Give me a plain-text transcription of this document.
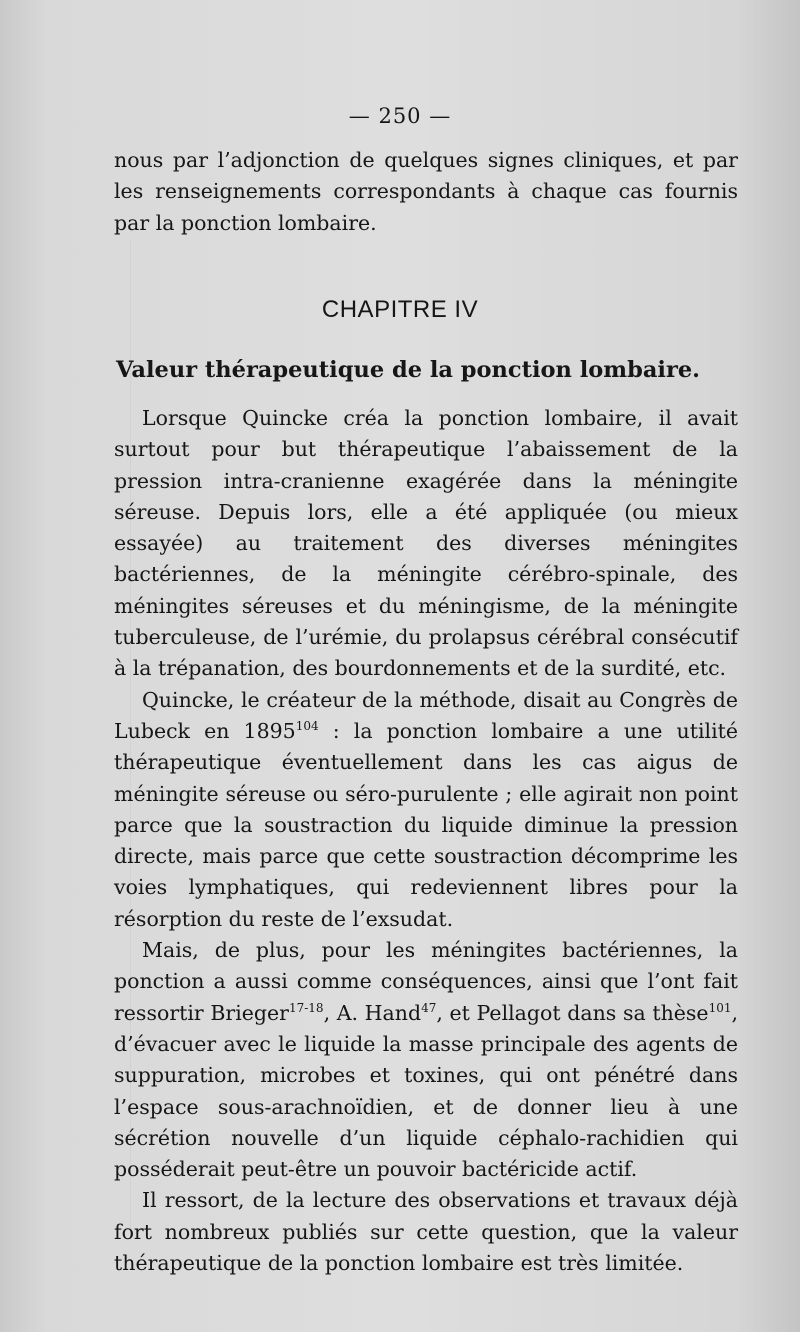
— 250 —

nous par l’adjonction de quelques signes cliniques, et par les renseignements correspondants à chaque cas fournis par la ponction lombaire.

CHAPITRE IV
Valeur thérapeutique de la ponction lombaire.

Lorsque Quincke créa la ponction lombaire, il avait surtout pour but thérapeutique l’abaissement de la pression intra-cranienne exagérée dans la méningite séreuse. Depuis lors, elle a été appliquée (ou mieux essayée) au traitement des diverses méningites bactériennes, de la méningite cérébro-spinale, des méningites séreuses et du méningisme, de la méningite tuberculeuse, de l’urémie, du prolapsus cérébral consécutif à la trépanation, des bourdonnements et de la surdité, etc.

Quincke, le créateur de la méthode, disait au Congrès de Lubeck en 1895$^{104}$ : la ponction lombaire a une utilité thérapeutique éventuellement dans les cas aigus de méningite séreuse ou séro-purulente ; elle agirait non point parce que la soustraction du liquide diminue la pression directe, mais parce que cette soustraction décomprime les voies lymphatiques, qui redeviennent libres pour la résorption du reste de l’exsudat.

Mais, de plus, pour les méningites bactériennes, la ponction a aussi comme conséquences, ainsi que l’ont fait ressortir Brieger$^{17-18}$, A. Hand$^{47}$, et Pellagot dans sa thèse$^{101}$, d’évacuer avec le liquide la masse principale des agents de suppuration, microbes et toxines, qui ont pénétré dans l’espace sous-arachnoïdien, et de donner lieu à une sécrétion nouvelle d’un liquide céphalo-rachidien qui posséderait peut-être un pouvoir bactéricide actif.

Il ressort, de la lecture des observations et travaux déjà fort nombreux publiés sur cette question, que la valeur thérapeutique de la ponction lombaire est très limitée.
